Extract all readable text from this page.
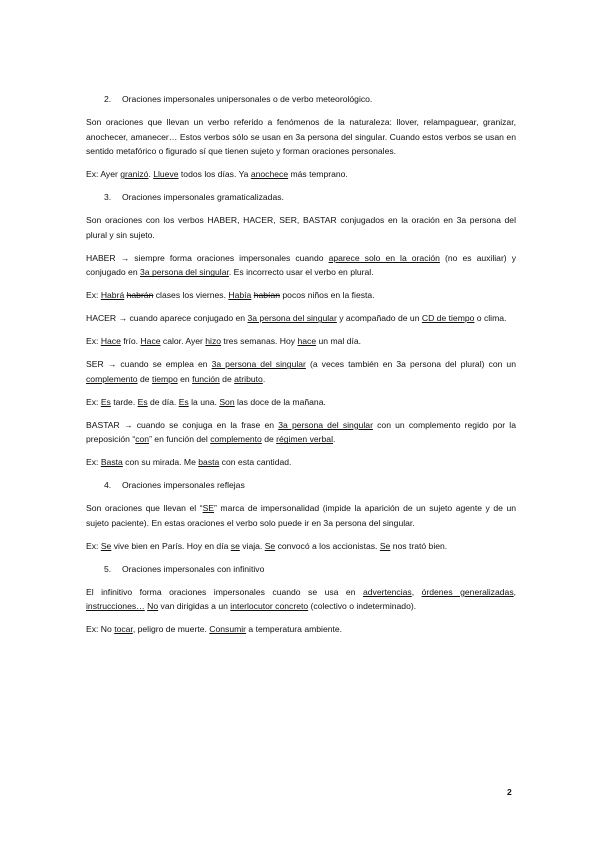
2. Oraciones impersonales unipersonales o de verbo meteorológico.

Son oraciones que llevan un verbo referido a fenómenos de la naturaleza: llover, relampaguear, granizar, anochecer, amanecer… Estos verbos sólo se usan en 3a persona del singular. Cuando estos verbos se usan en sentido metafórico o figurado sí que tienen sujeto y forman oraciones personales.

Ex: Ayer granizó. Llueve todos los días. Ya anochece más temprano.

3. Oraciones impersonales gramaticalizadas.

Son oraciones con los verbos HABER, HACER, SER, BASTAR conjugados en la oración en 3a persona del plural y sin sujeto.

HABER → siempre forma oraciones impersonales cuando aparece solo en la oración (no es auxiliar) y conjugado en 3a persona del singular. Es incorrecto usar el verbo en plural.

Ex: Habrá habrán clases los viernes. Había habían pocos niños en la fiesta.

HACER → cuando aparece conjugado en 3a persona del singular y acompañado de un CD de tiempo o clima.

Ex: Hace frío. Hace calor. Ayer hizo tres semanas. Hoy hace un mal día.

SER → cuando se emplea en 3a persona del singular (a veces también en 3a persona del plural) con un complemento de tiempo en función de atributo.

Ex: Es tarde. Es de día. Es la una. Son las doce de la mañana.

BASTAR → cuando se conjuga en la frase en 3a persona del singular con un complemento regido por la preposición “con” en función del complemento de régimen verbal.

Ex: Basta con su mirada. Me basta con esta cantidad.

4. Oraciones impersonales reflejas

Son oraciones que llevan el “SE” marca de impersonalidad (impide la aparición de un sujeto agente y de un sujeto paciente). En estas oraciones el verbo solo puede ir en 3a persona del singular.

Ex: Se vive bien en París. Hoy en día se viaja. Se convocó a los accionistas. Se nos trató bien.

5. Oraciones impersonales con infinitivo

El infinitivo forma oraciones impersonales cuando se usa en advertencias, órdenes generalizadas, instrucciones… No van dirigidas a un interlocutor concreto (colectivo o indeterminado).

Ex: No tocar, peligro de muerte. Consumir a temperatura ambiente.

2
